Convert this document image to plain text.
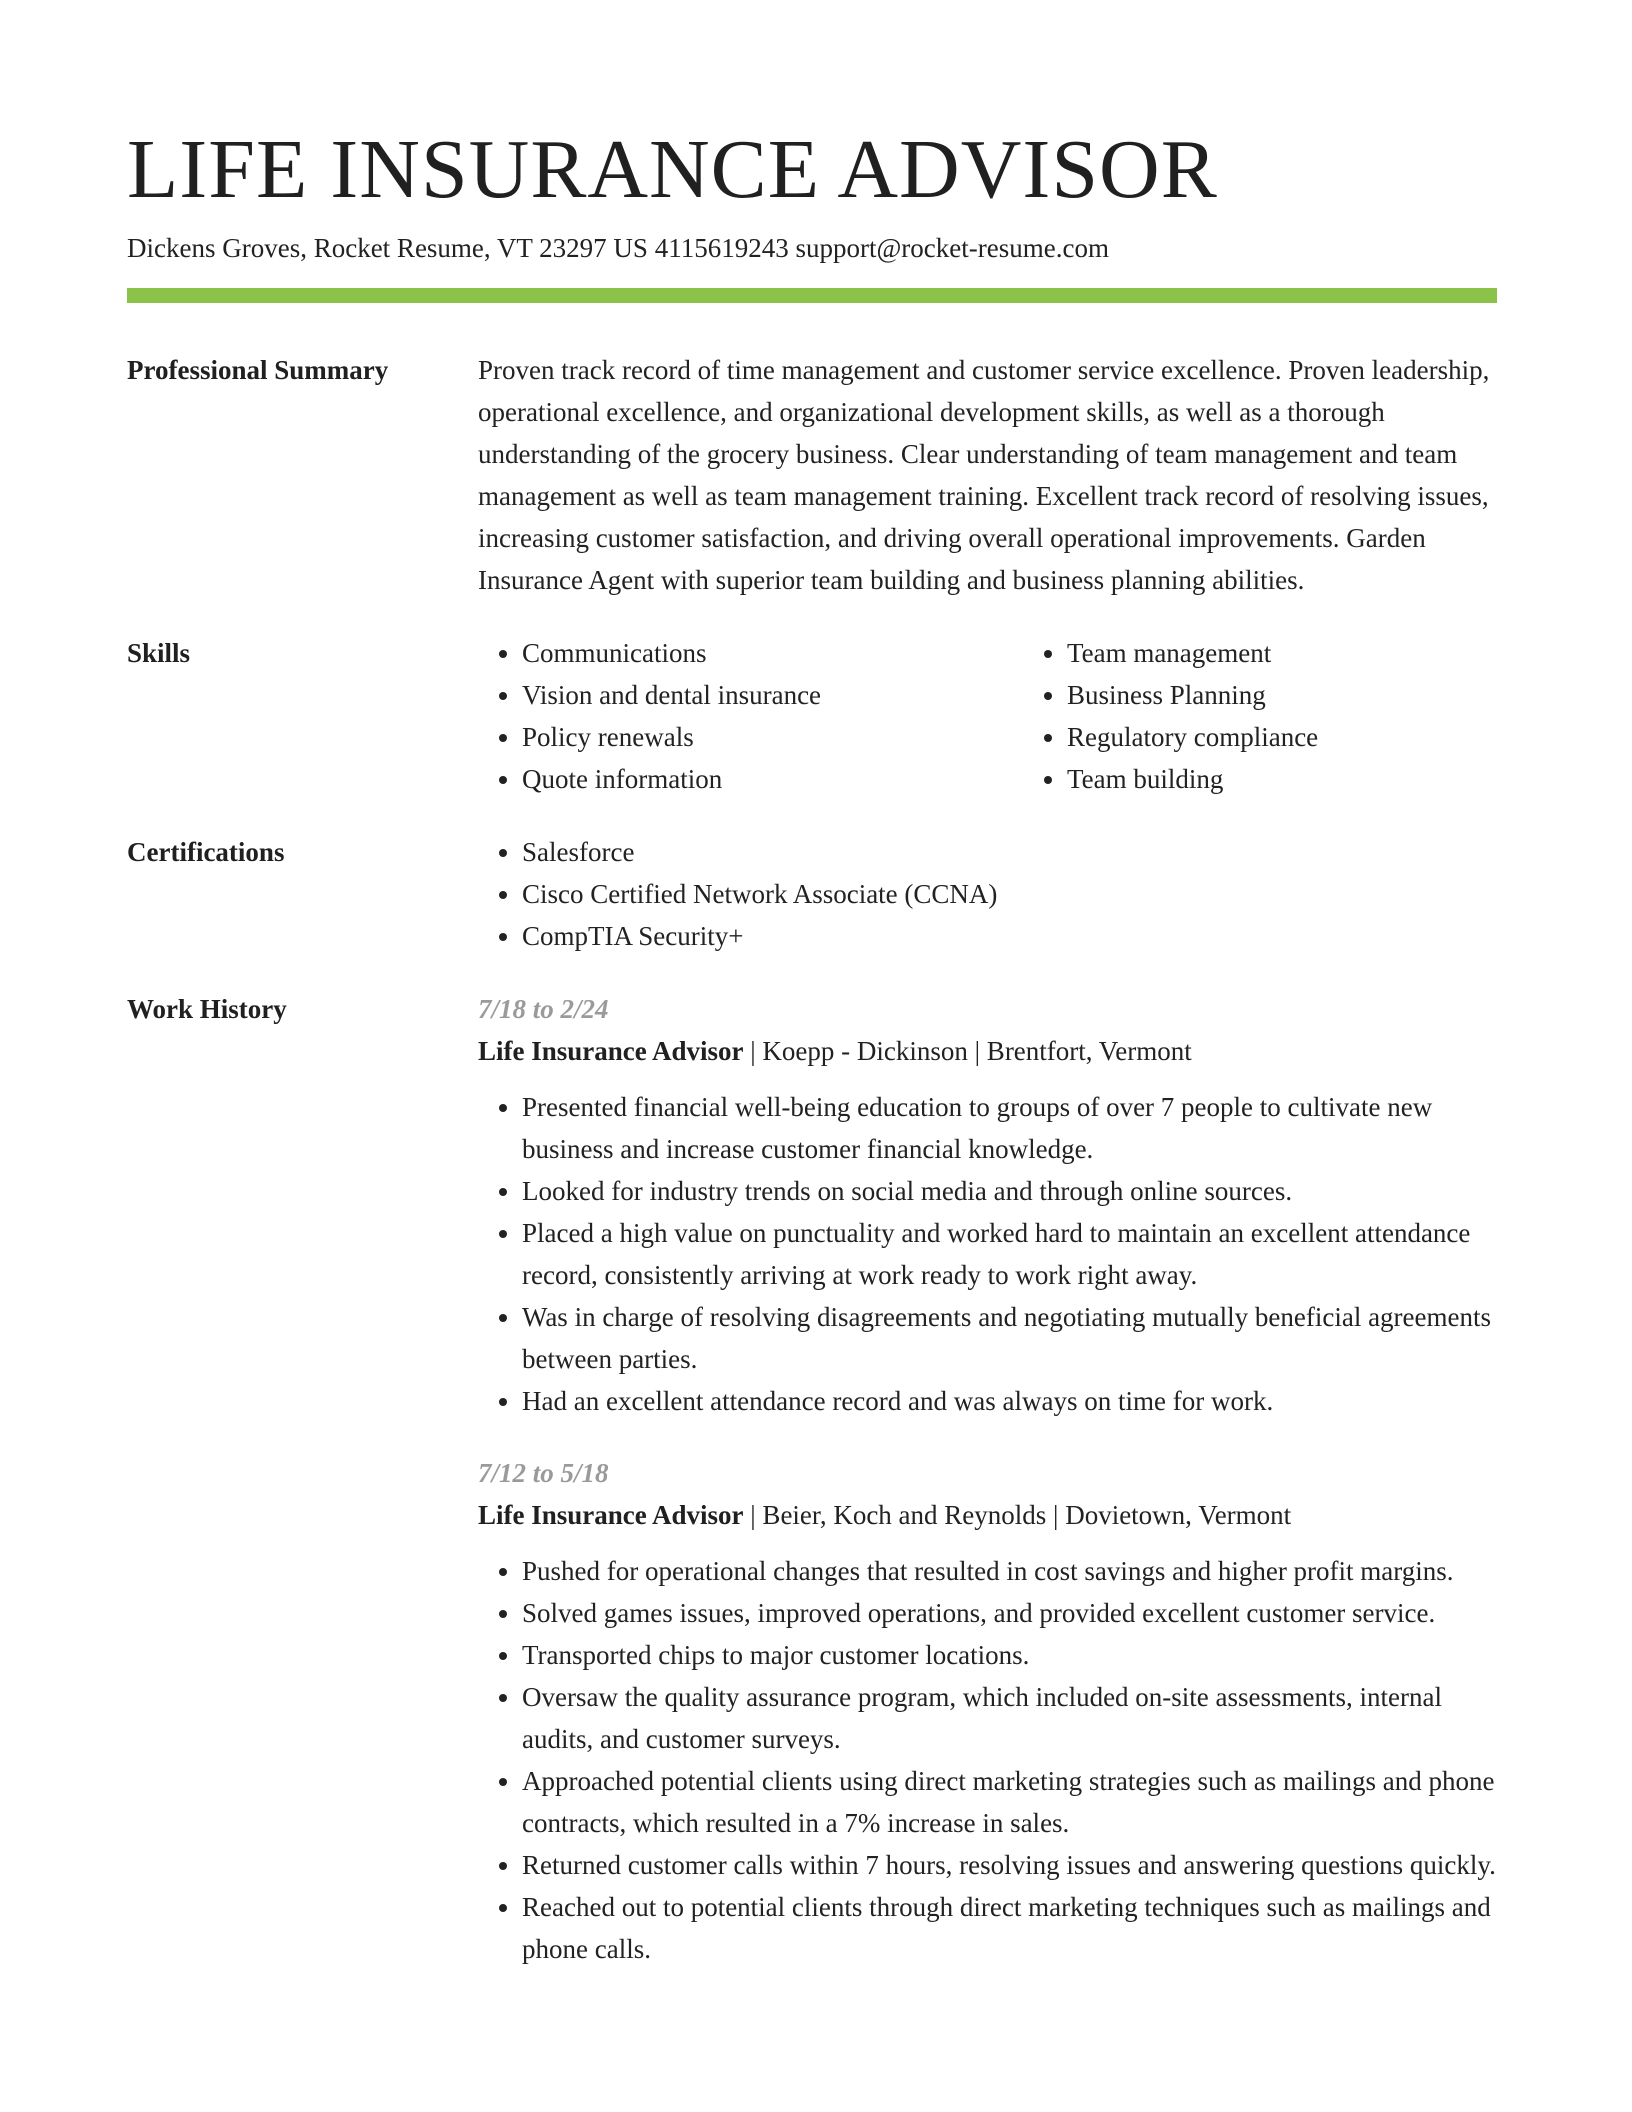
LIFE INSURANCE ADVISOR
Dickens Groves, Rocket Resume, VT 23297 US 4115619243 support@rocket-resume.com
Professional Summary	Proven track record of time management and customer service excellence. Proven leadership, operational excellence, and organizational development skills, as well as a thorough understanding of the grocery business. Clear understanding of team management and team management as well as team management training. Excellent track record of resolving issues, increasing customer satisfaction, and driving overall operational improvements. Garden Insurance Agent with superior team building and business planning abilities.

Skills	• Communications
• Vision and dental insurance
• Policy renewals
• Quote information
• Team management
• Business Planning
• Regulatory compliance
• Team building
Certifications	• Salesforce
• Cisco Certified Network Associate (CCNA)
• CompTIA Security+
Work History	7/18 to 2/24
Life Insurance Advisor | Koepp - Dickinson | Brentfort, Vermont
• Presented financial well-being education to groups of over 7 people to cultivate new business and increase customer financial knowledge.
• Looked for industry trends on social media and through online sources.
• Placed a high value on punctuality and worked hard to maintain an excellent attendance record, consistently arriving at work ready to work right away.
• Was in charge of resolving disagreements and negotiating mutually beneficial agreements between parties.
• Had an excellent attendance record and was always on time for work.
7/12 to 5/18
Life Insurance Advisor | Beier, Koch and Reynolds | Dovietown, Vermont
• Pushed for operational changes that resulted in cost savings and higher profit margins.
• Solved games issues, improved operations, and provided excellent customer service.
• Transported chips to major customer locations.
• Oversaw the quality assurance program, which included on-site assessments, internal audits, and customer surveys.
• Approached potential clients using direct marketing strategies such as mailings and phone contracts, which resulted in a 7% increase in sales.
• Returned customer calls within 7 hours, resolving issues and answering questions quickly.
• Reached out to potential clients through direct marketing techniques such as mailings and phone calls.
